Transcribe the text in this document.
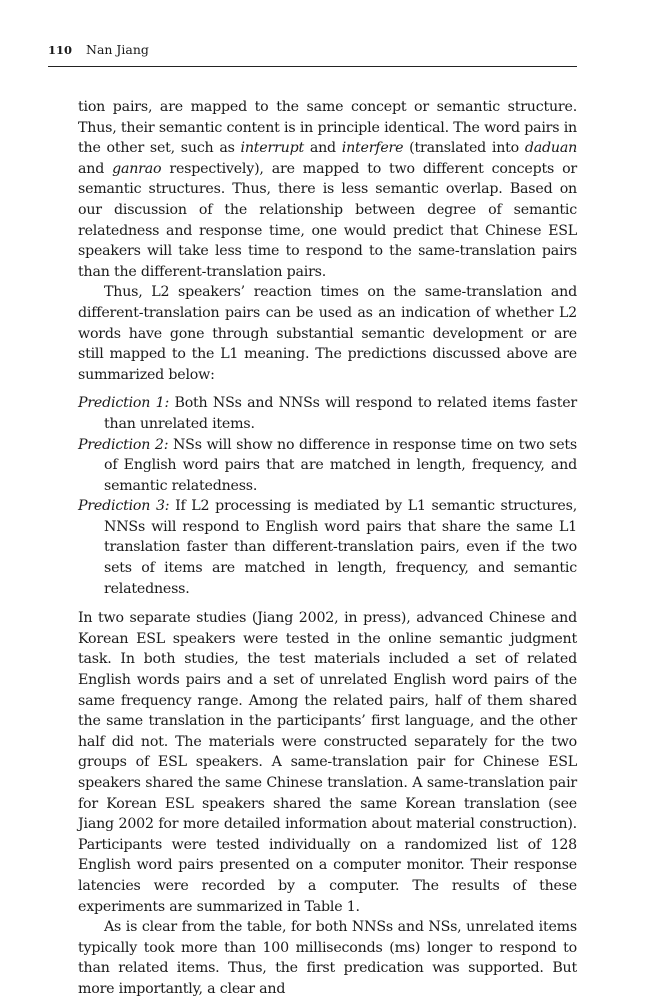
110 Nan Jiang

tion pairs, are mapped to the same concept or semantic structure. Thus, their semantic content is in principle identical. The word pairs in the other set, such as interrupt and interfere (translated into daduan and ganrao respectively), are mapped to two different concepts or semantic structures. Thus, there is less semantic overlap. Based on our discussion of the relationship between degree of semantic relatedness and response time, one would predict that Chinese ESL speakers will take less time to respond to the same-translation pairs than the different-translation pairs.

Thus, L2 speakers’ reaction times on the same-translation and different-translation pairs can be used as an indication of whether L2 words have gone through substantial semantic development or are still mapped to the L1 meaning. The predictions discussed above are summarized below:

Prediction 1: Both NSs and NNSs will respond to related items faster than unrelated items.
Prediction 2: NSs will show no difference in response time on two sets of English word pairs that are matched in length, frequency, and semantic relatedness.
Prediction 3: If L2 processing is mediated by L1 semantic structures, NNSs will respond to English word pairs that share the same L1 translation faster than different-translation pairs, even if the two sets of items are matched in length, frequency, and semantic relatedness.

In two separate studies (Jiang 2002, in press), advanced Chinese and Korean ESL speakers were tested in the online semantic judgment task. In both studies, the test materials included a set of related English words pairs and a set of unrelated English word pairs of the same frequency range. Among the related pairs, half of them shared the same translation in the participants’ first language, and the other half did not. The materials were constructed separately for the two groups of ESL speakers. A same-translation pair for Chinese ESL speakers shared the same Chinese translation. A same-translation pair for Korean ESL speakers shared the same Korean translation (see Jiang 2002 for more detailed information about material construction). Participants were tested individually on a randomized list of 128 English word pairs presented on a computer monitor. Their response latencies were recorded by a computer. The results of these experiments are summarized in Table 1.

As is clear from the table, for both NNSs and NSs, unrelated items typically took more than 100 milliseconds (ms) longer to respond to than related items. Thus, the first predication was supported. But more importantly, a clear and
